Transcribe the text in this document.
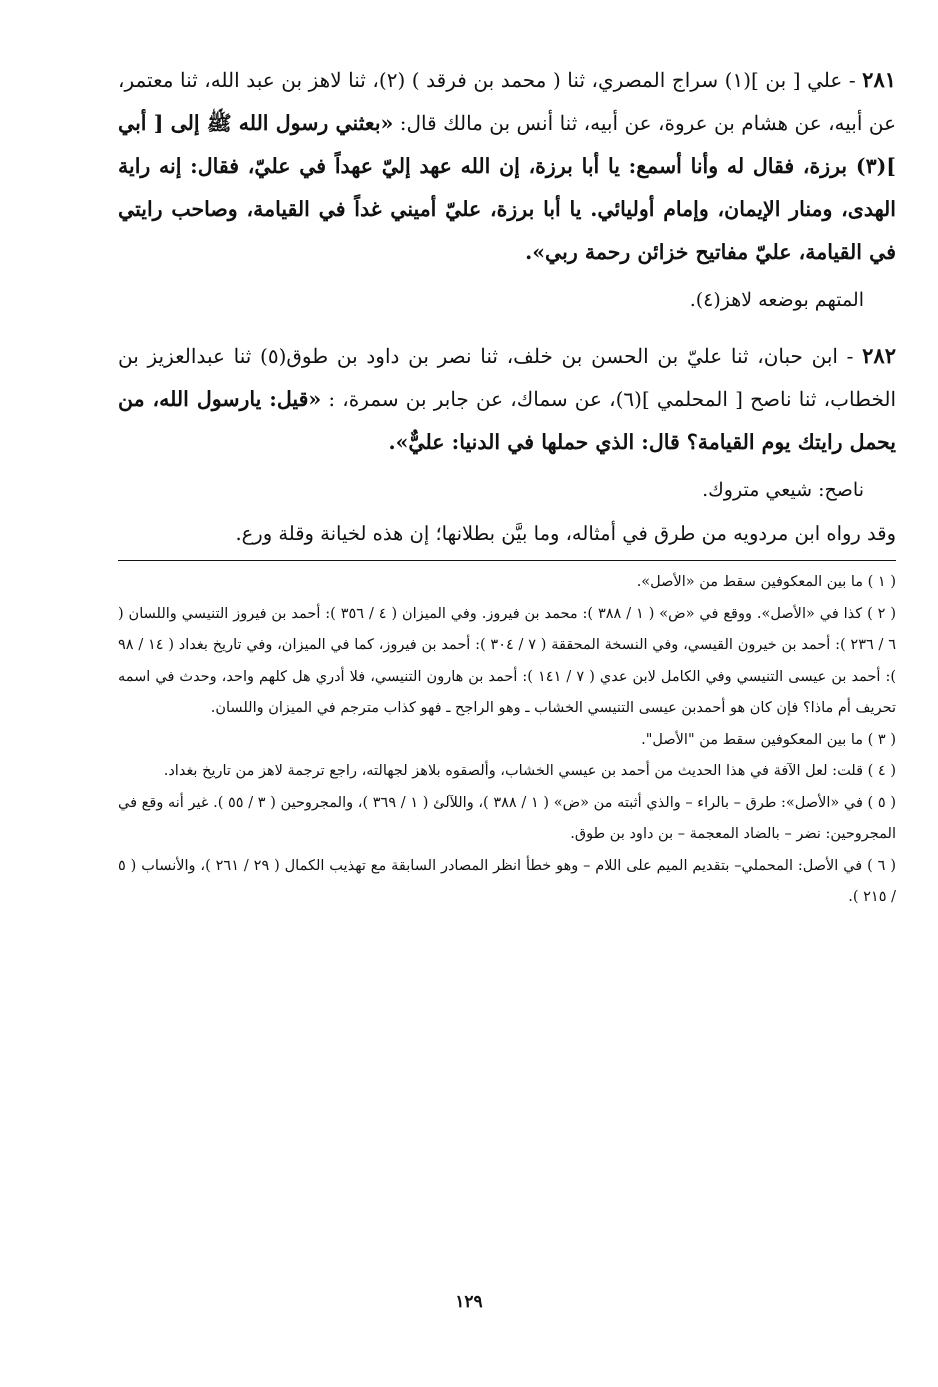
٢٨١ - علي [ بن ](١) سراج المصري، ثنا ( محمد بن فرقد ) (٢)، ثنا لاهز بن عبد الله، ثنا معتمر، عن أبيه، عن هشام بن عروة، عن أبيه، ثنا أنس بن مالك قال: «بعثني رسول الله ﷺ إلى [ أبي ](٣) برزة، فقال له وأنا أسمع: يا أبا برزة، إن الله عهد إليّ عهداً في عليّ، فقال: إنه راية الهدى، ومنار الإيمان، وإمام أوليائي. يا أبا برزة، عليّ أميني غداً في القيامة، وصاحب رايتي في القيامة، عليّ مفاتيح خزائن رحمة ربي».

المتهم بوضعه لاهز(٤).

٢٨٢ - ابن حبان، ثنا عليّ بن الحسن بن خلف، ثنا نصر بن داود بن طوق(٥) ثنا عبدالعزيز بن الخطاب، ثنا ناصح [ المحلمي ](٦)، عن سماك، عن جابر بن سمرة، : «قيل: يارسول الله، من يحمل رايتك يوم القيامة؟ قال: الذي حملها في الدنيا: عليٌّ».

ناصح: شيعي متروك.

وقد رواه ابن مردويه من طرق في أمثاله، وما بيَّن بطلانها؛ إن هذه لخيانة وقلة ورع.

( ١ ) ما بين المعكوفين سقط من «الأصل».

( ٢ ) كذا في «الأصل». ووقع في «ض» ( ١ / ٣٨٨ ): محمد بن فيروز. وفي الميزان ( ٤ / ٣٥٦ ): أحمد بن فيروز التنيسي واللسان ( ٦ / ٢٣٦ ): أحمد بن خيرون القيسي، وفي النسخة المحققة ( ٧ / ٣٠٤ ): أحمد بن فيروز، كما في الميزان، وفي تاريخ بغداد ( ١٤ / ٩٨ ): أحمد بن عيسى التنيسي وفي الكامل لابن عدي ( ٧ / ١٤١ ): أحمد بن هارون التنيسي، فلا أدري هل كلهم واحد، وحدث في اسمه تحريف أم ماذا؟ فإن كان هو أحمدبن عيسى التنيسي الخشاب ـ وهو الراجح ـ فهو كذاب مترجم في الميزان واللسان.

( ٣ ) ما بين المعكوفين سقط من "الأصل".

( ٤ ) قلت: لعل الآفة في هذا الحديث من أحمد بن عيسي الخشاب، وألصقوه بلاهز لجهالته، راجع ترجمة لاهز من تاريخ بغداد.

( ٥ ) في «الأصل»: طرق – بالراء – والذي أثبته من «ض» ( ١ / ٣٨٨ )، واللآلئ ( ١ / ٣٦٩ )، والمجروحين ( ٣ / ٥٥ ). غير أنه وقع في المجروحين: نضر – بالضاد المعجمة – بن داود بن طوق.

( ٦ ) في الأصل: المحملي– بتقديم الميم على اللام – وهو خطأ انظر المصادر السابقة مع تهذيب الكمال ( ٢٩ / ٢٦١ )، والأنساب ( ٥ / ٢١٥ ).

١٢٩
